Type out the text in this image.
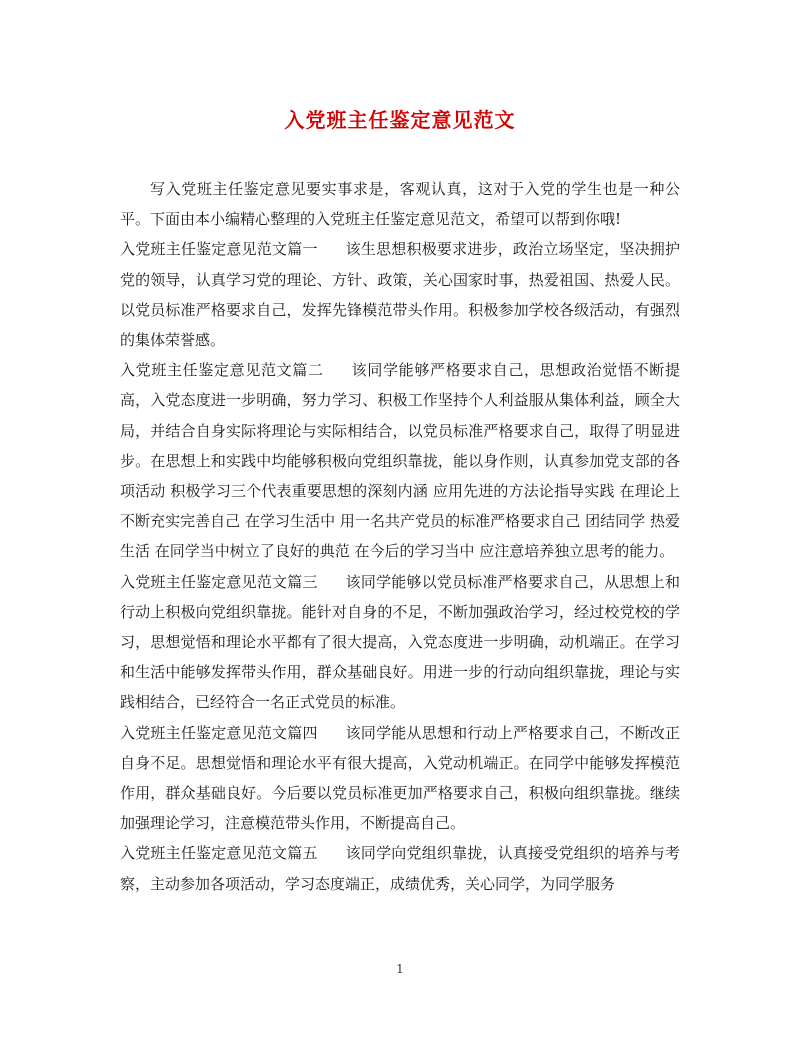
入党班主任鉴定意见范文

写入党班主任鉴定意见要实事求是，客观认真，这对于入党的学生也是一种公平。下面由本小编精心整理的入党班主任鉴定意见范文，希望可以帮到你哦!

入党班主任鉴定意见范文篇一 该生思想积极要求进步，政治立场坚定，坚决拥护党的领导，认真学习党的理论、方针、政策，关心国家时事，热爱祖国、热爱人民。以党员标准严格要求自己，发挥先锋模范带头作用。积极参加学校各级活动，有强烈的集体荣誉感。

入党班主任鉴定意见范文篇二 该同学能够严格要求自己，思想政治觉悟不断提高，入党态度进一步明确，努力学习、积极工作坚持个人利益服从集体利益，顾全大局，并结合自身实际将理论与实际相结合，以党员标准严格要求自己，取得了明显进步。在思想上和实践中均能够积极向党组织靠拢，能以身作则，认真参加党支部的各项活动 积极学习三个代表重要思想的深刻内涵 应用先进的方法论指导实践 在理论上不断充实完善自己 在学习生活中 用一名共产党员的标准严格要求自己 团结同学 热爱生活 在同学当中树立了良好的典范 在今后的学习当中 应注意培养独立思考的能力。

入党班主任鉴定意见范文篇三 该同学能够以党员标准严格要求自己，从思想上和行动上积极向党组织靠拢。能针对自身的不足，不断加强政治学习，经过校党校的学习，思想觉悟和理论水平都有了很大提高，入党态度进一步明确，动机端正。在学习和生活中能够发挥带头作用，群众基础良好。用进一步的行动向组织靠拢，理论与实践相结合，已经符合一名正式党员的标准。

入党班主任鉴定意见范文篇四 该同学能从思想和行动上严格要求自己，不断改正自身不足。思想觉悟和理论水平有很大提高，入党动机端正。在同学中能够发挥模范作用，群众基础良好。今后要以党员标准更加严格要求自己，积极向组织靠拢。继续加强理论学习，注意模范带头作用，不断提高自己。

入党班主任鉴定意见范文篇五 该同学向党组织靠拢，认真接受党组织的培养与考察，主动参加各项活动，学习态度端正，成绩优秀，关心同学，为同学服务

1
